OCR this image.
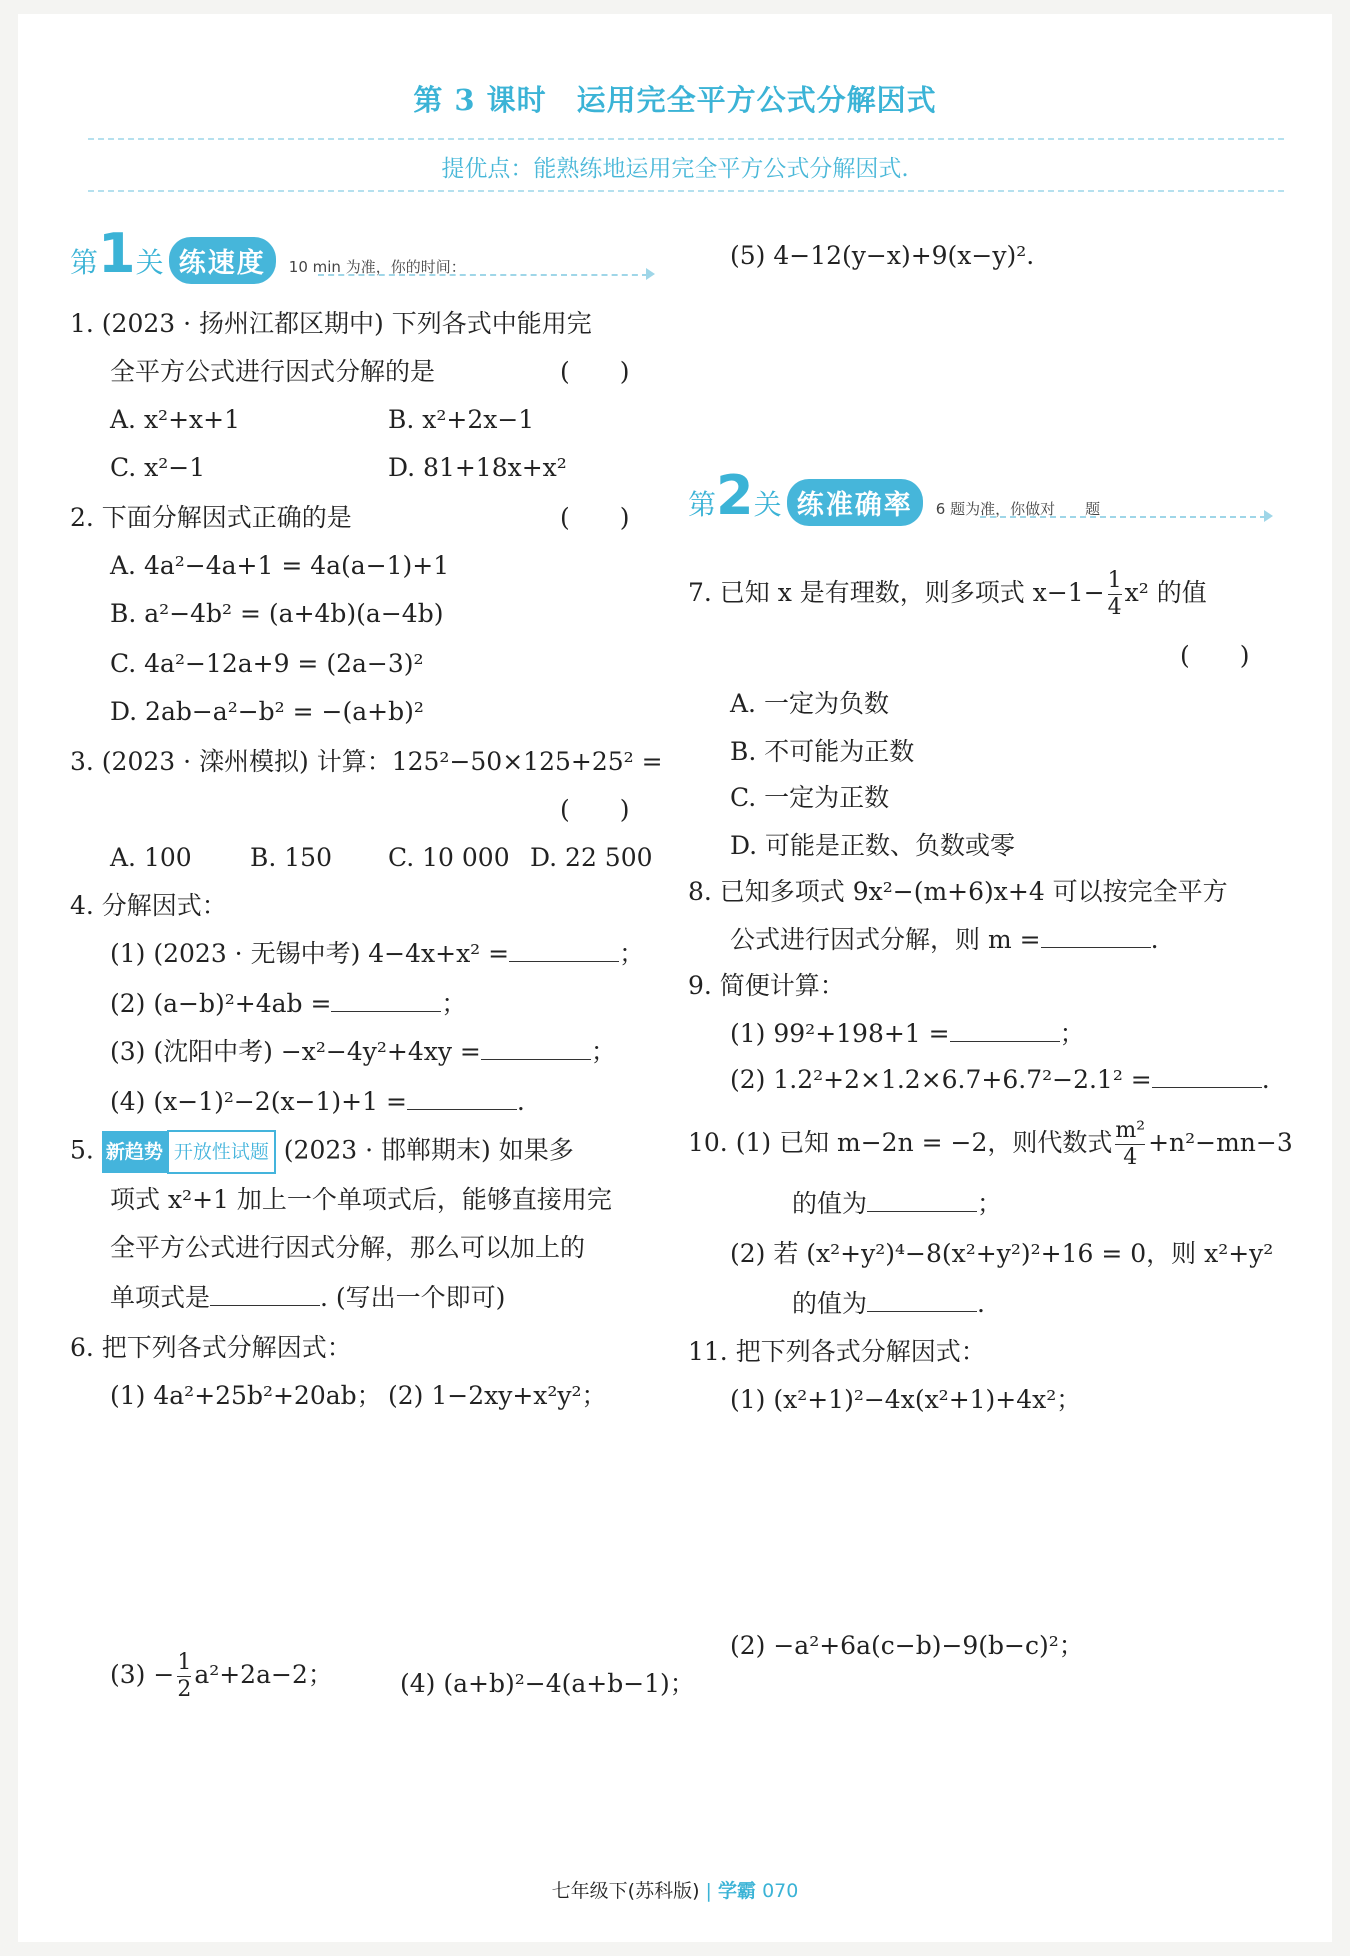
第 3 课时　运用完全平方公式分解因式
提优点：能熟练地运用完全平方公式分解因式.
第1关 练速度 10 min 为准，你的时间：
1. (2023 · 扬州江都区期中) 下列各式中能用完
全平方公式进行因式分解的是	(　　)
A. x²+x+1	B. x²+2x−1
C. x²−1	D. 81+18x+x²
2. 下面分解因式正确的是	(　　)
A. 4a²−4a+1 = 4a(a−1)+1
B. a²−4b² = (a+4b)(a−4b)
C. 4a²−12a+9 = (2a−3)²
D. 2ab−a²−b² = −(a+b)²
3. (2023 · 滦州模拟) 计算：125²−50×125+25² =
(　　)
A. 100 B. 150 C. 10 000 D. 22 500
4. 分解因式：
(1) (2023 · 无锡中考) 4−4x+x² =	；
(2) (a−b)²+4ab =	；
(3) (沈阳中考) −x²−4y²+4xy =	；
(4) (x−1)²−2(x−1)+1 =	.
5. 新趋势 开放性试题 (2023 · 邯郸期末) 如果多
项式 x²+1 加上一个单项式后，能够直接用完
全平方公式进行因式分解，那么可以加上的
单项式是	. (写出一个即可)
6. 把下列各式分解因式：
(1) 4a²+25b²+20ab； (2) 1−2xy+x²y²；
$(3) - \frac{1}{2} a^2+2a-2$；	(4) (a+b)²−4(a+b−1)；
(5) 4−12(y−x)+9(x−y)².
第2关 练准确率 6 题为准，你做对　　题
7. 已知 x 是有理数，则多项式 $x-1- \frac{1}{4} x^2$ 的值
(　　)
A. 一定为负数
B. 不可能为正数
C. 一定为正数
D. 可能是正数、负数或零
8. 已知多项式 9x²−(m+6)x+4 可以按完全平方
公式进行因式分解，则 m =	.
9. 简便计算：
(1) 99²+198+1 =	；
(2) 1.2²+2×1.2×6.7+6.7²−2.1² =	.
10. (1) 已知 m−2n = −2，则代数式 $\frac{\text{m²}}{4} +n^2-mn-3$
的值为	；
(2) 若 (x²+y²)⁴−8(x²+y²)²+16 = 0，则 x²+y²
的值为	.
11. 把下列各式分解因式：
(1) (x²+1)²−4x(x²+1)+4x²；
(2) −a²+6a(c−b)−9(b−c)²；
七年级下(苏科版) | 学霸 070
